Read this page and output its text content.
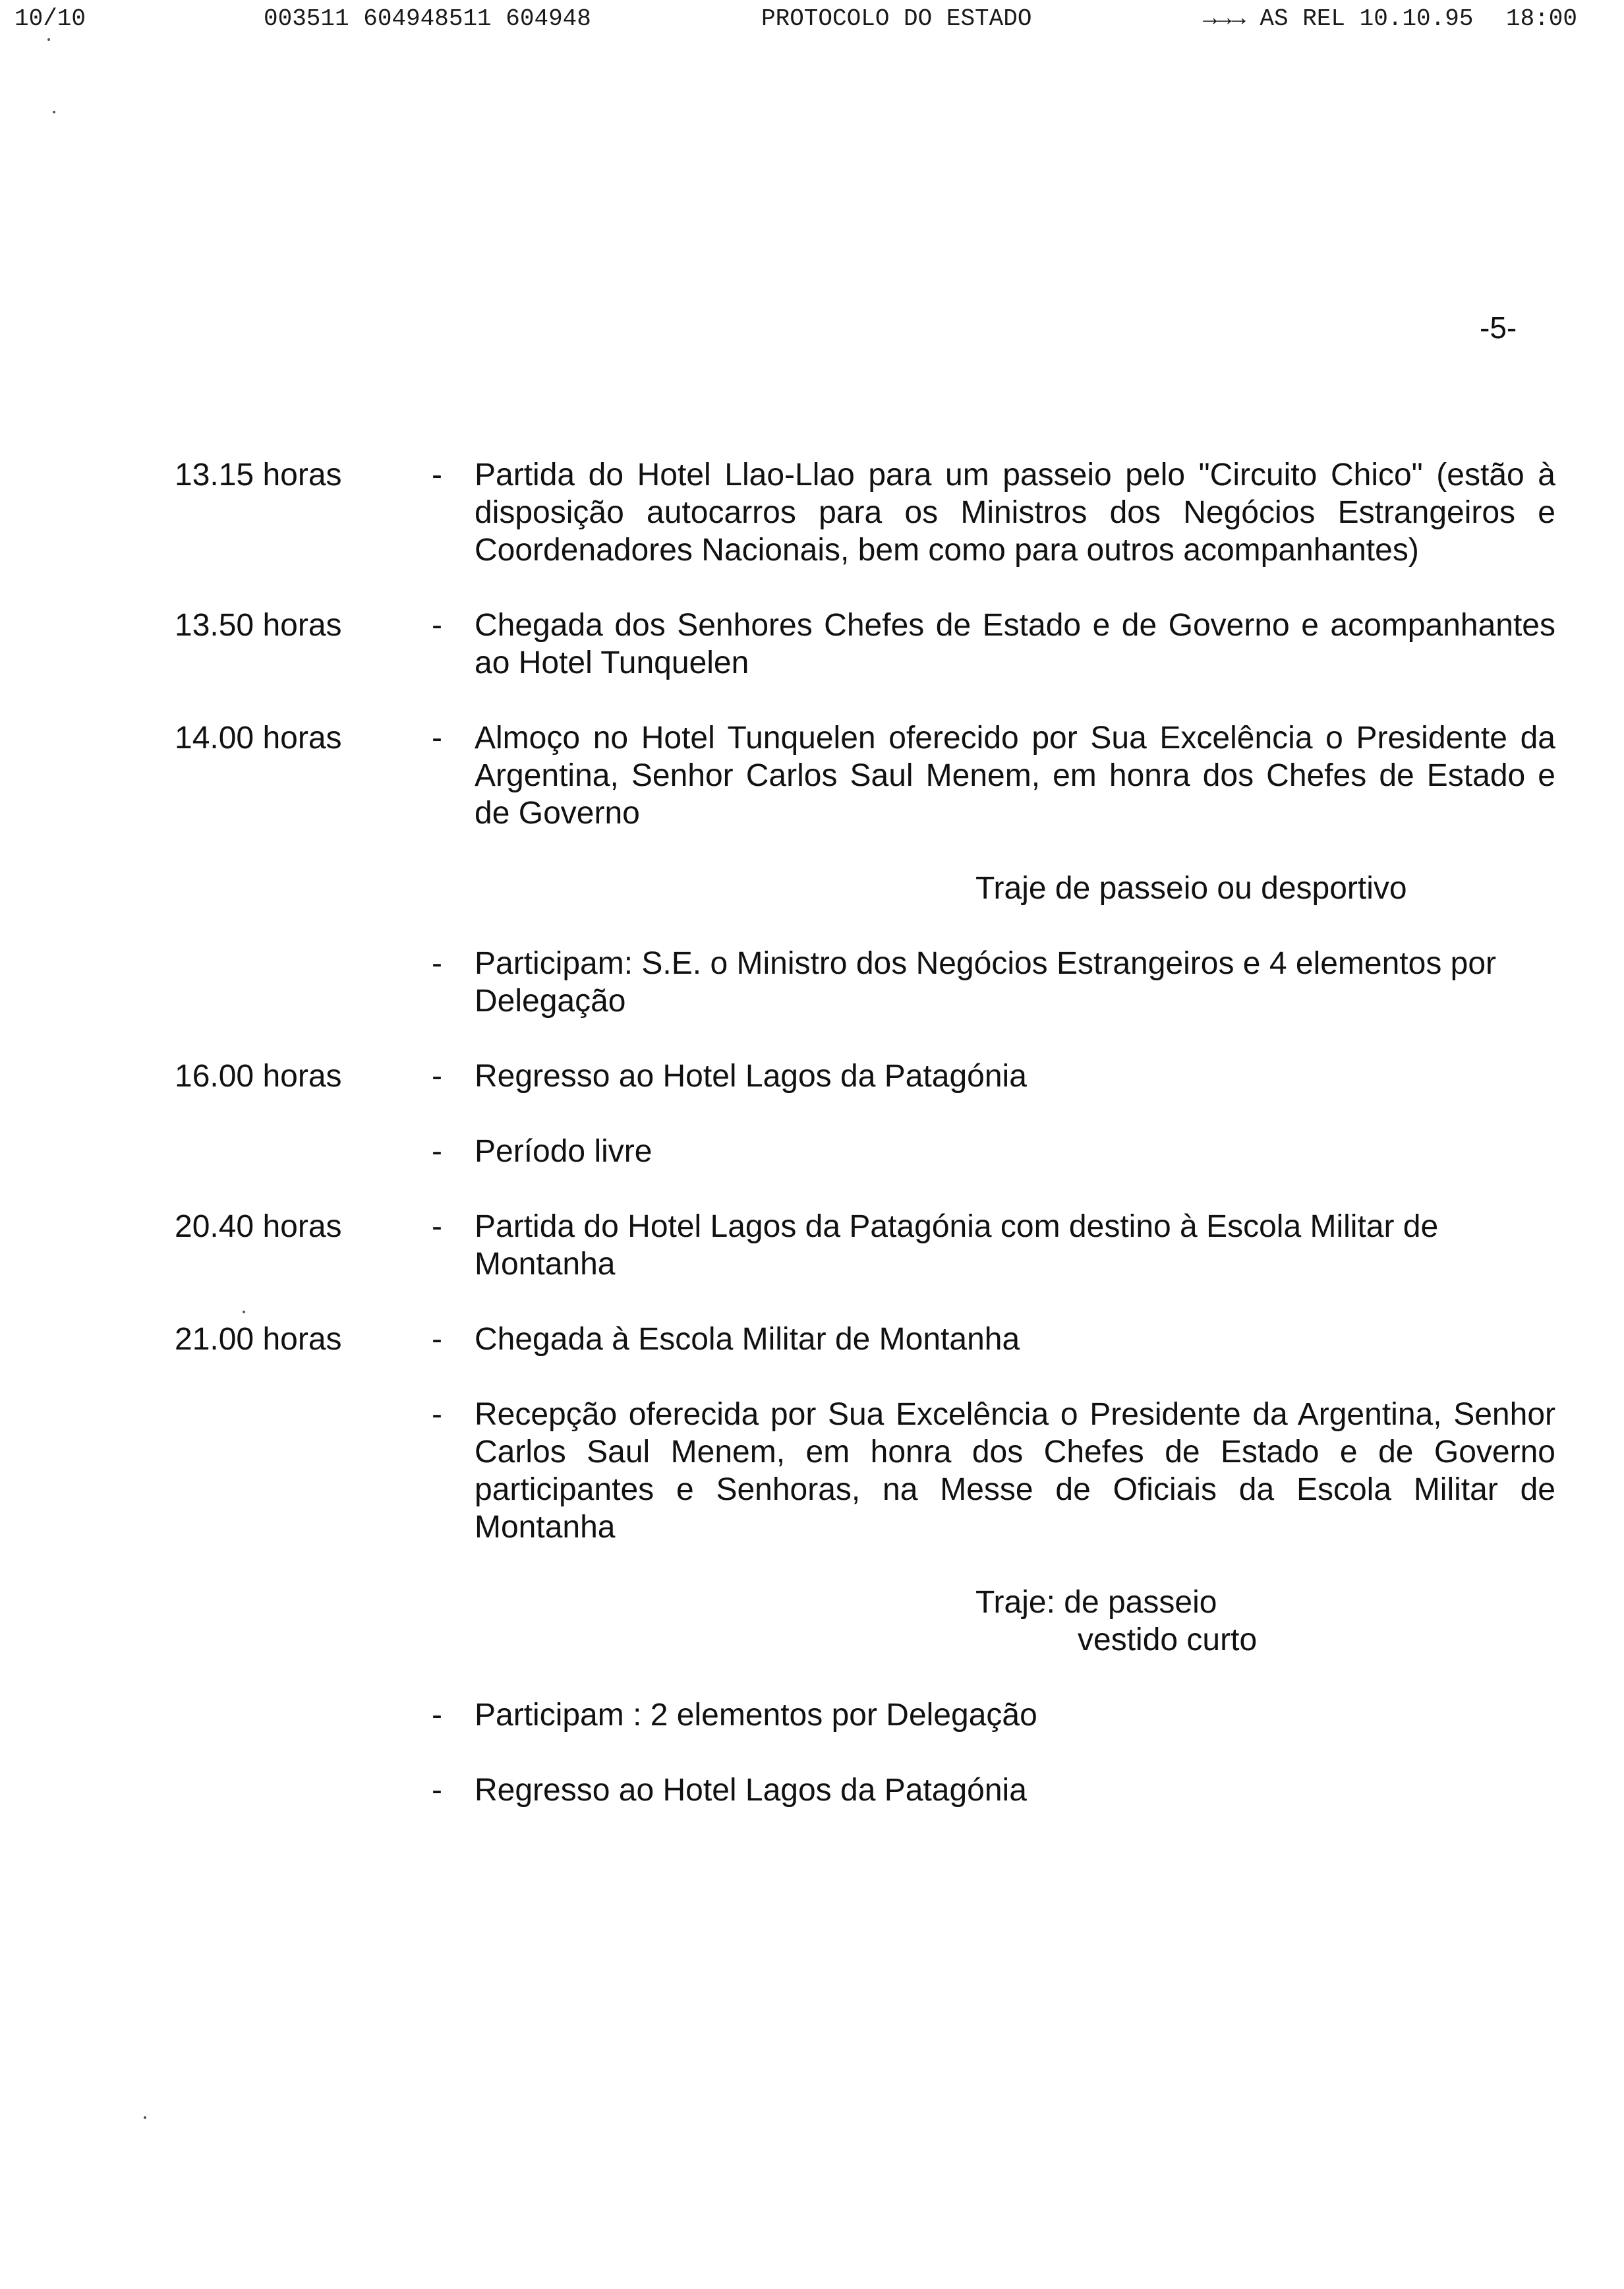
10/10	003511 604948511 604948	PROTOCOLO DO ESTADO	→→→ AS REL 10.10.95 18:00
-5-
13.15 horas	- Partida do Hotel Llao-Llao para um passeio pelo "Circuito Chico" (estão à disposição autocarros para os Ministros dos Negócios Estrangeiros e Coordenadores Nacionais, bem como para outros acompanhantes)
13.50 horas	- Chegada dos Senhores Chefes de Estado e de Governo e acompanhantes ao Hotel Tunquelen
14.00 horas	- Almoço no Hotel Tunquelen oferecido por Sua Excelência o Presidente da Argentina, Senhor Carlos Saul Menem, em honra dos Chefes de Estado e de Governo
Traje de passeio ou desportivo
- Participam: S.E. o Ministro dos Negócios Estrangeiros e 4 elementos por Delegação
16.00 horas	- Regresso ao Hotel Lagos da Patagónia
- Período livre
20.40 horas	- Partida do Hotel Lagos da Patagónia com destino à Escola Militar de Montanha
21.00 horas	- Chegada à Escola Militar de Montanha
- Recepção oferecida por Sua Excelência o Presidente da Argentina, Senhor Carlos Saul Menem, em honra dos Chefes de Estado e de Governo participantes e Senhoras, na Messe de Oficiais da Escola Militar de Montanha
Traje: de passeio
vestido curto
- Participam : 2 elementos por Delegação
- Regresso ao Hotel Lagos da Patagónia
